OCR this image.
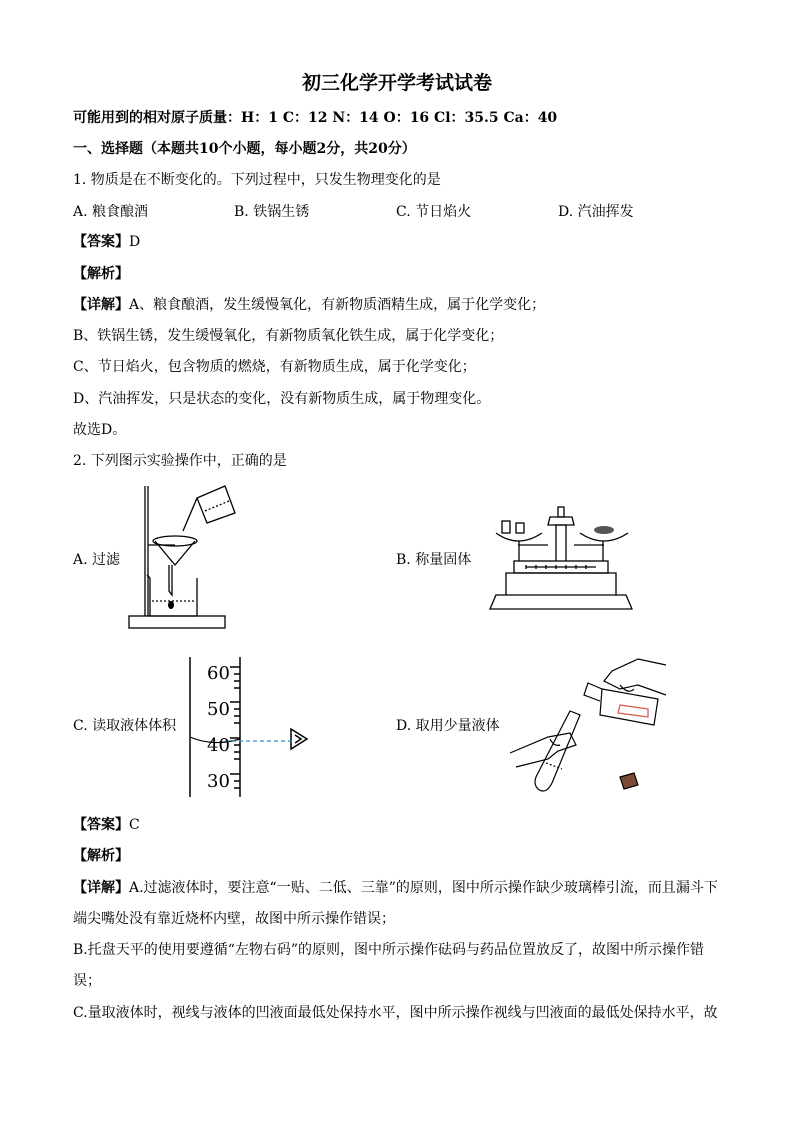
初三化学开学考试试卷
可能用到的相对原子质量：H：1 C：12 N：14 O：16 Cl：35.5 Ca：40
一、选择题（本题共10个小题，每小题2分，共20分）
1. 物质是在不断变化的。下列过程中，只发生物理变化的是
A. 粮食酿酒	B. 铁锅生锈	C. 节日焰火	D. 汽油挥发
【答案】D
【解析】
【详解】A、粮食酿酒，发生缓慢氧化，有新物质酒精生成，属于化学变化；
B、铁锅生锈，发生缓慢氧化，有新物质氧化铁生成，属于化学变化；
C、节日焰火，包含物质的燃烧，有新物质生成，属于化学变化；
D、汽油挥发，只是状态的变化，没有新物质生成，属于物理变化。
故选D。
2. 下列图示实验操作中，正确的是
A. 过滤	B. 称量固体
60
50
40
30
C. 读取液体体积	D. 取用少量液体
【答案】C
【解析】
【详解】A.过滤液体时，要注意“一贴、二低、三靠”的原则，图中所示操作缺少玻璃棒引流，而且漏斗下
端尖嘴处没有靠近烧杯内壁，故图中所示操作错误；
B.托盘天平的使用要遵循“左物右码”的原则，图中所示操作砝码与药品位置放反了，故图中所示操作错
误；
C.量取液体时，视线与液体的凹液面最低处保持水平，图中所示操作视线与凹液面的最低处保持水平，故
